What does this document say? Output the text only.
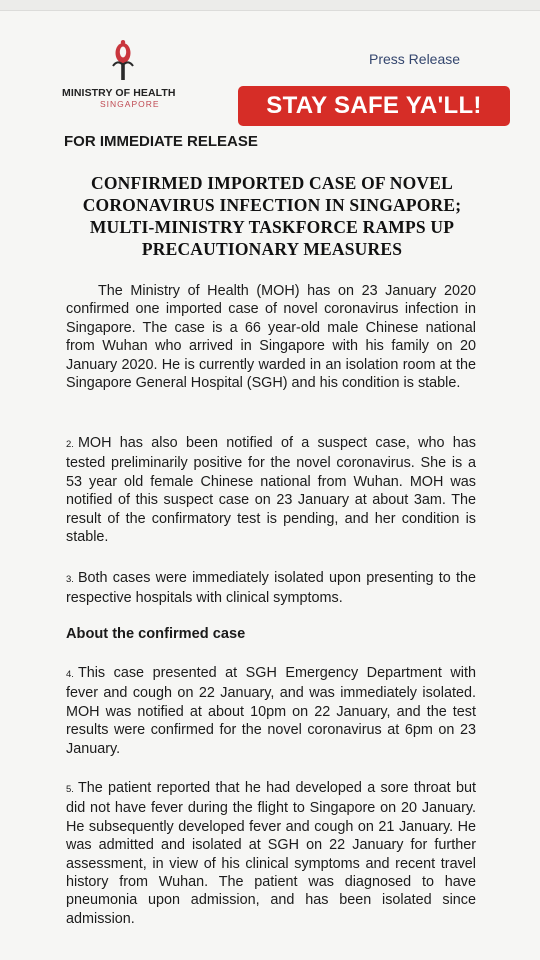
MINISTRY OF HEALTH
SINGAPORE
Press Release
STAY SAFE YA'LL!
FOR IMMEDIATE RELEASE
CONFIRMED IMPORTED CASE OF NOVEL CORONAVIRUS INFECTION IN SINGAPORE; MULTI-MINISTRY TASKFORCE RAMPS UP PRECAUTIONARY MEASURES
The Ministry of Health (MOH) has on 23 January 2020 confirmed one imported case of novel coronavirus infection in Singapore. The case is a 66 year-old male Chinese national from Wuhan who arrived in Singapore with his family on 20 January 2020. He is currently warded in an isolation room at the Singapore General Hospital (SGH) and his condition is stable.
2. MOH has also been notified of a suspect case, who has tested preliminarily positive for the novel coronavirus. She is a 53 year old female Chinese national from Wuhan. MOH was notified of this suspect case on 23 January at about 3am. The result of the confirmatory test is pending, and her condition is stable.
3. Both cases were immediately isolated upon presenting to the respective hospitals with clinical symptoms.
About the confirmed case
4. This case presented at SGH Emergency Department with fever and cough on 22 January, and was immediately isolated. MOH was notified at about 10pm on 22 January, and the test results were confirmed for the novel coronavirus at 6pm on 23 January.
5. The patient reported that he had developed a sore throat but did not have fever during the flight to Singapore on 20 January. He subsequently developed fever and cough on 21 January. He was admitted and isolated at SGH on 22 January for further assessment, in view of his clinical symptoms and recent travel history from Wuhan. The patient was diagnosed to have pneumonia upon admission, and has been isolated since admission.
